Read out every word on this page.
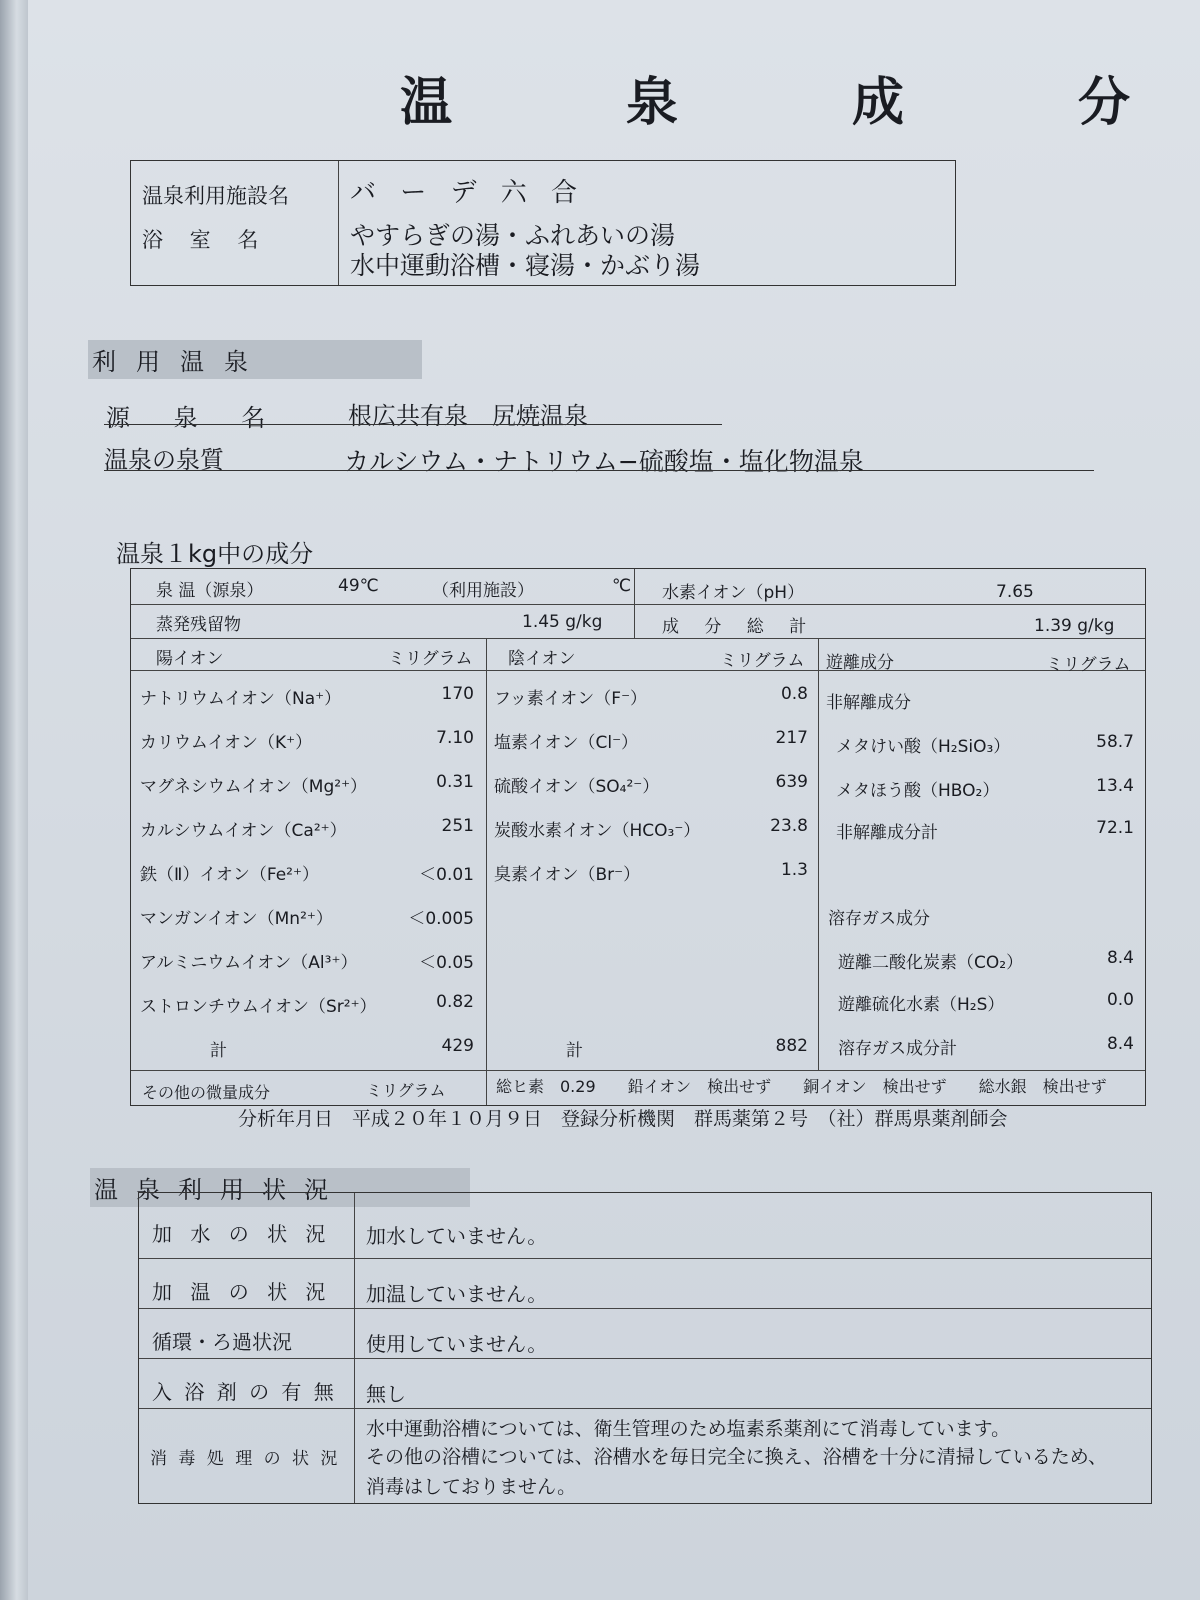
温	泉	成	分
温泉利用施設名 バ ー デ 六 合
浴 室 名	やすらぎの湯・ふれあいの湯
水中運動浴槽・寝湯・かぶり湯
利用温泉
源 泉 名	根広共有泉　尻焼温泉
温泉の泉質	カルシウム・ナトリウム−硫酸塩・塩化物温泉
温泉１kg中の成分
泉 温（源泉）	49℃	（利用施設）	℃ 水素イオン（pH）	7.65
蒸発残留物	1.45 g/kg	成 分 総 計	1.39 g/kg
陽イオン	ミリグラム 陰イオン	ミリグラム 遊離成分	ミリグラム
ナトリウムイオン（Na⁺）	170
カリウムイオン（K⁺）	7.10
マグネシウムイオン（Mg²⁺）	0.31
カルシウムイオン（Ca²⁺）	251
鉄（Ⅱ）イオン（Fe²⁺）	＜0.01
マンガンイオン（Mn²⁺）	＜0.005
アルミニウムイオン（Al³⁺）	＜0.05
ストロンチウムイオン（Sr²⁺）	0.82
計	429
フッ素イオン（F⁻）	0.8
塩素イオン（Cl⁻）	217
硫酸イオン（SO₄²⁻）	639
炭酸水素イオン（HCO₃⁻）	23.8
臭素イオン（Br⁻）	1.3
計	882
非解離成分
メタけい酸（H₂SiO₃）	58.7
メタほう酸（HBO₂）	13.4
非解離成分計	72.1
溶存ガス成分
遊離二酸化炭素（CO₂）	8.4
遊離硫化水素（H₂S）	0.0
溶存ガス成分計	8.4
その他の微量成分	ミリグラム	総ヒ素　0.29　　鉛イオン　検出せず　　銅イオン　検出せず　　総水銀　検出せず
分析年月日　平成２０年１０月９日　登録分析機関　群馬薬第２号　（社）群馬県薬剤師会
温泉利用状況
加 水 の 状 況 加水していません。
加 温 の 状 況 加温していません。
循環・ろ過状況	使用していません。
入 浴 剤 の 有 無 無し
消 毒 処 理 の 状 況
水中運動浴槽については、衛生管理のため塩素系薬剤にて消毒しています。
その他の浴槽については、浴槽水を毎日完全に換え、浴槽を十分に清掃しているため、
消毒はしておりません。
